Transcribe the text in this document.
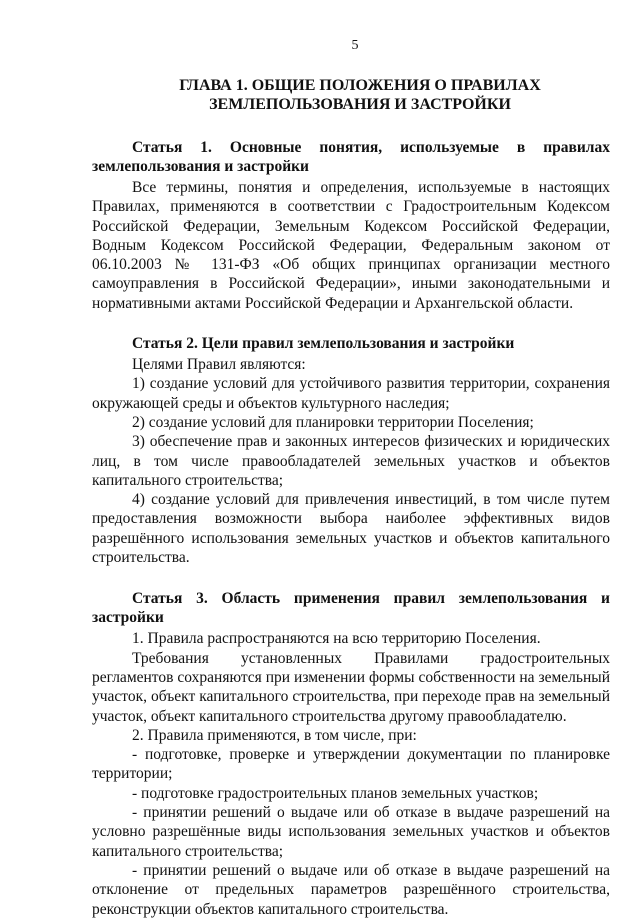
5
ГЛАВА 1. ОБЩИЕ ПОЛОЖЕНИЯ О ПРАВИЛАХ
ЗЕМЛЕПОЛЬЗОВАНИЯ И ЗАСТРОЙКИ

Статья 1. Основные понятия, используемые в правилах землепользования и застройки

Все термины, понятия и определения, используемые в настоящих Правилах, применяются в соответствии с Градостроительным Кодексом Российской Федерации, Земельным Кодексом Российской Федерации, Водным Кодексом Российской Федерации, Федеральным законом от 06.10.2003 № 131-ФЗ «Об общих принципах организации местного самоуправления в Российской Федерации», иными законодательными и нормативными актами Российской Федерации и Архангельской области.

Статья 2. Цели правил землепользования и застройки

Целями Правил являются:

1) создание условий для устойчивого развития территории, сохранения окружающей среды и объектов культурного наследия;

2) создание условий для планировки территории Поселения;

3) обеспечение прав и законных интересов физических и юридических лиц, в том числе правообладателей земельных участков и объектов капитального строительства;

4) создание условий для привлечения инвестиций, в том числе путем предоставления возможности выбора наиболее эффективных видов разрешённого использования земельных участков и объектов капитального строительства.

Статья 3. Область применения правил землепользования и застройки

1. Правила распространяются на всю территорию Поселения.

Требования установленных Правилами градостроительных регламентов сохраняются при изменении формы собственности на земельный участок, объект капитального строительства, при переходе прав на земельный участок, объект капитального строительства другому правообладателю.

2. Правила применяются, в том числе, при:

- подготовке, проверке и утверждении документации по планировке территории;

- подготовке градостроительных планов земельных участков;

- принятии решений о выдаче или об отказе в выдаче разрешений на условно разрешённые виды использования земельных участков и объектов капитального строительства;

- принятии решений о выдаче или об отказе в выдаче разрешений на отклонение от предельных параметров разрешённого строительства, реконструкции объектов капитального строительства.
